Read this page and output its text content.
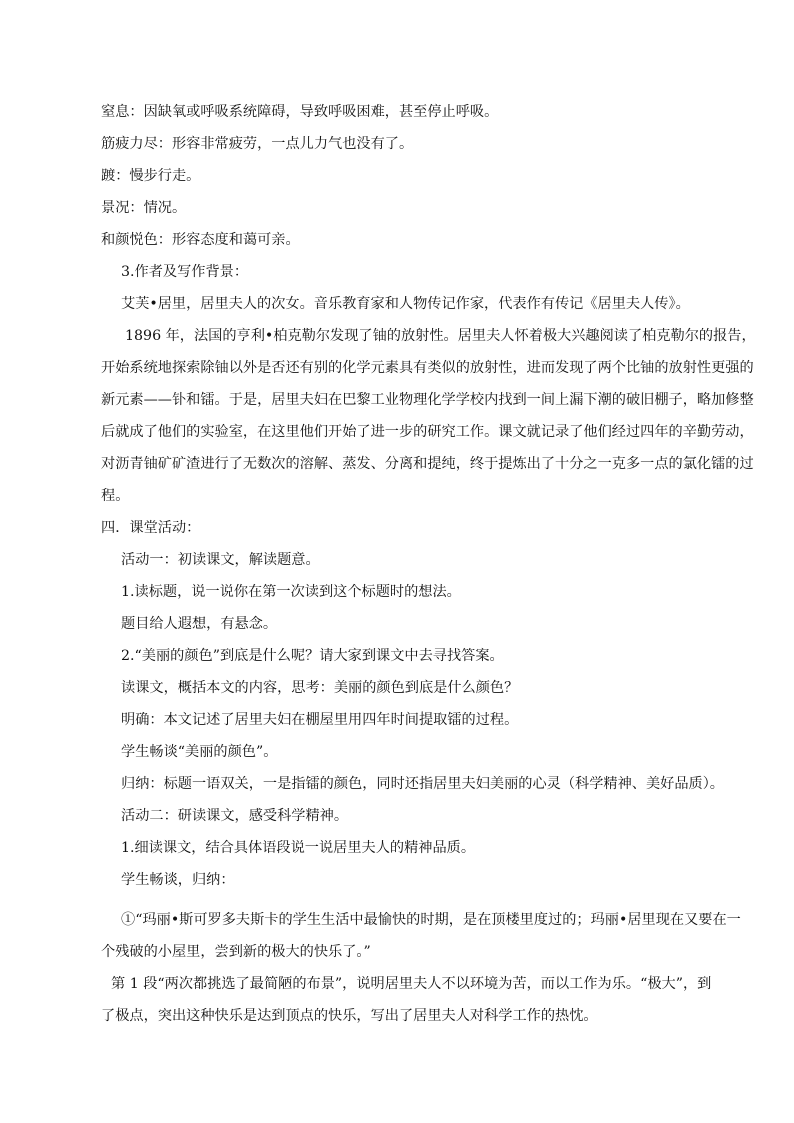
窒息：因缺氧或呼吸系统障碍，导致呼吸困难，甚至停止呼吸。
筋疲力尽：形容非常疲劳，一点儿力气也没有了。
踱：慢步行走。
景况：情况。
和颜悦色：形容态度和蔼可亲。
3.作者及写作背景：
艾芙•居里，居里夫人的次女。音乐教育家和人物传记作家，代表作有传记《居里夫人传》。
1896 年，法国的亨利•柏克勒尔发现了铀的放射性。居里夫人怀着极大兴趣阅读了柏克勒尔的报告，
开始系统地探索除铀以外是否还有别的化学元素具有类似的放射性，进而发现了两个比铀的放射性更强的
新元素——钋和镭。于是，居里夫妇在巴黎工业物理化学学校内找到一间上漏下潮的破旧棚子，略加修整
后就成了他们的实验室，在这里他们开始了进一步的研究工作。课文就记录了他们经过四年的辛勤劳动，
对沥青铀矿矿渣进行了无数次的溶解、蒸发、分离和提纯，终于提炼出了十分之一克多一点的氯化镭的过
程。
四．课堂活动：
活动一：初读课文，解读题意。
1.读标题，说一说你在第一次读到这个标题时的想法。
题目给人遐想，有悬念。
2.“美丽的颜色”到底是什么呢？请大家到课文中去寻找答案。
读课文，概括本文的内容，思考：美丽的颜色到底是什么颜色？
明确：本文记述了居里夫妇在棚屋里用四年时间提取镭的过程。
学生畅谈“美丽的颜色”。
归纳：标题一语双关，一是指镭的颜色，同时还指居里夫妇美丽的心灵（科学精神、美好品质）。
活动二：研读课文，感受科学精神。
1.细读课文，结合具体语段说一说居里夫人的精神品质。
学生畅谈，归纳：
①“玛丽•斯可罗多夫斯卡的学生生活中最愉快的时期，是在顶楼里度过的；玛丽•居里现在又要在一
个残破的小屋里，尝到新的极大的快乐了。”
第 1 段“两次都挑选了最简陋的布景”，说明居里夫人不以环境为苦，而以工作为乐。“极大”，到
了极点，突出这种快乐是达到顶点的快乐，写出了居里夫人对科学工作的热忱。
